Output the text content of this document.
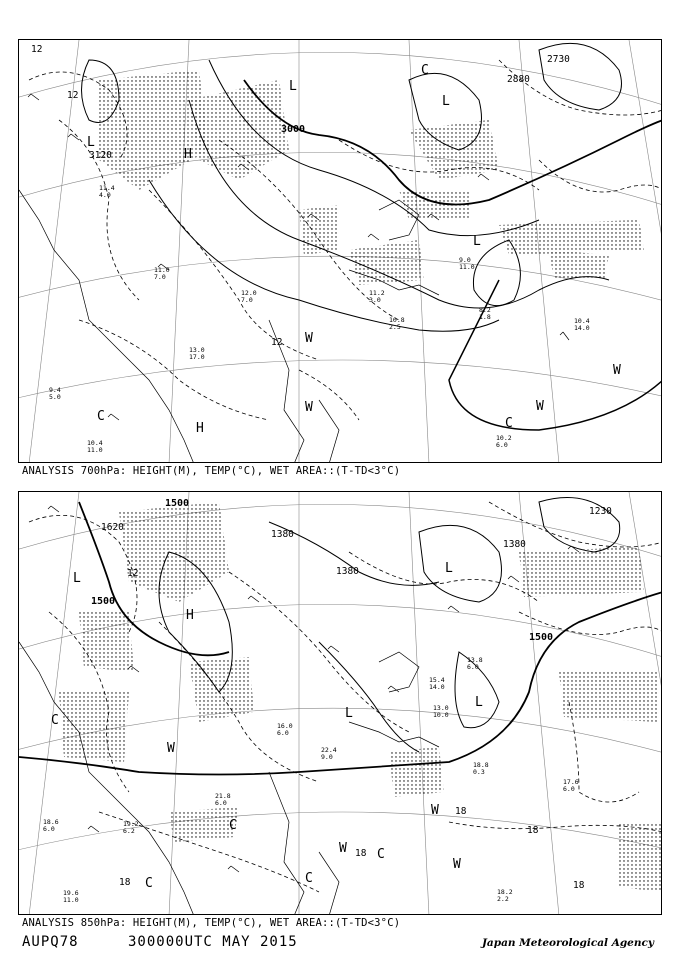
3000
2880
2730
3120
12
12
12
L
L
L
L
H
H
C	C
C
W
W	W
W
11.4
4.0
10.4
11.0
10.2
6.0
10.8
2.5
8.2
1.8	10.4
14.0
12.0
7.0
9.0
11.0
11.2
3.0
13.0
17.0
11.0
7.0
9.4
5.0
ANALYSIS 700hPa: HEIGHT(M), TEMP(°C), WET AREA::(T-TD<3°C)
1500
1500
1500
1380
1380
1380
1230
1620
12
18
18
18
18	18
L
L
L
L
H
C
C
C
C	C
W
W
W
W
18.2
2.2
17.6
6.0
18.8
0.3
19.6
11.0
18.6
6.0
19.2
6.2
13.0
10.0
15.4
14.0
21.8
6.0
16.0
6.0
13.8
6.0
22.4
9.0
ANALYSIS 850hPa: HEIGHT(M), TEMP(°C), WET AREA::(T-TD<3°C)
AUPQ78	300000UTC MAY 2015	Japan Meteorological Agency
